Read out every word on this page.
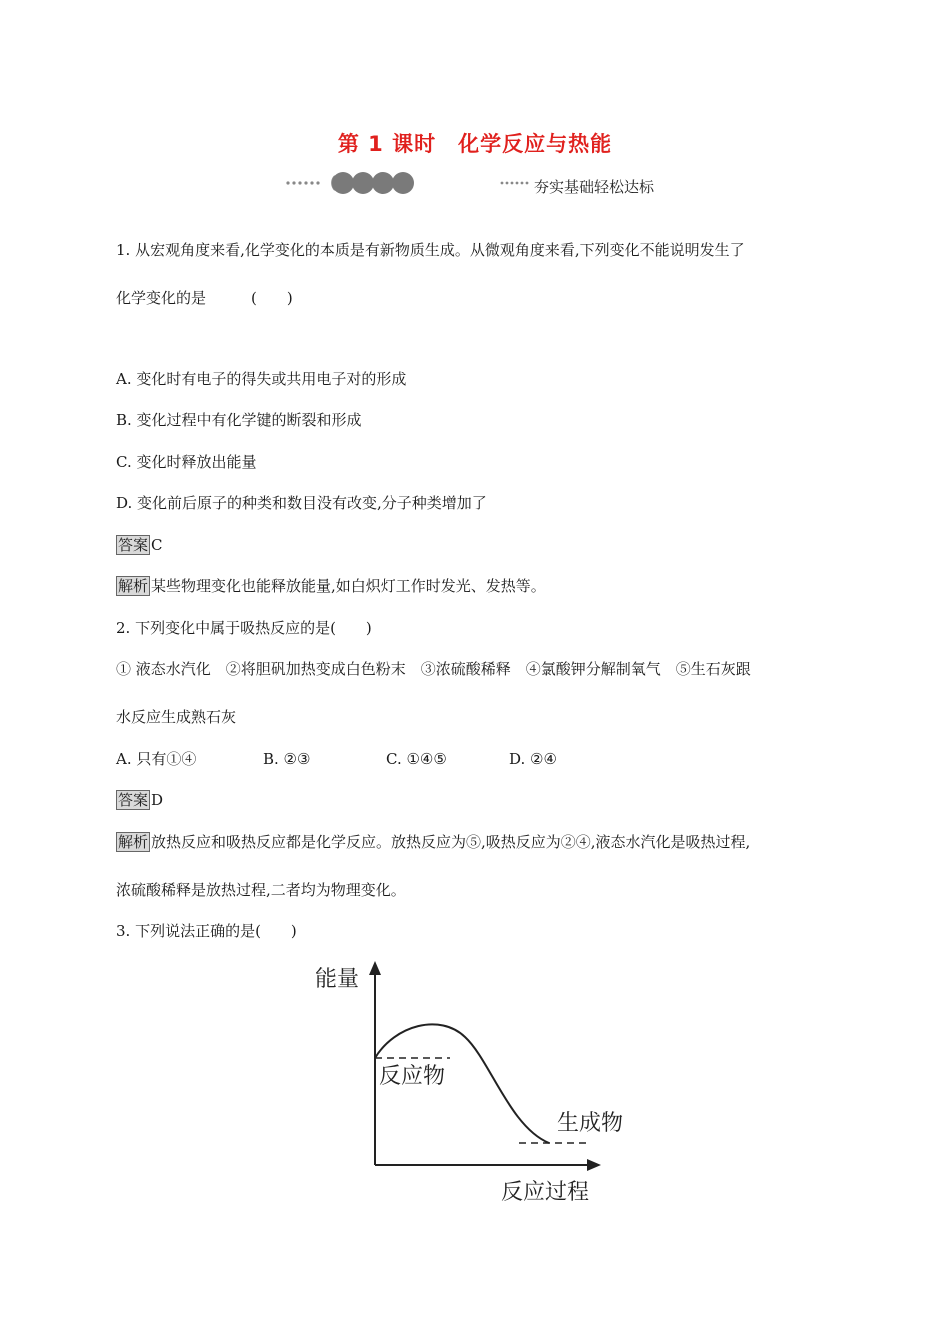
第 1 课时　化学反应与热能
夯实基础轻松达标
1. 从宏观角度来看,化学变化的本质是有新物质生成。从微观角度来看,下列变化不能说明发生了
化学变化的是　　　(　　)
A. 变化时有电子的得失或共用电子对的形成
B. 变化过程中有化学键的断裂和形成
C. 变化时释放出能量
D. 变化前后原子的种类和数目没有改变,分子种类增加了
答案 C
解析 某些物理变化也能释放能量,如白炽灯工作时发光、发热等。
2. 下列变化中属于吸热反应的是(　　)
① 液态水汽化　②将胆矾加热变成白色粉末　③浓硫酸稀释　④氯酸钾分解制氧气　⑤生石灰跟
水反应生成熟石灰
A. 只有①④	B. ②③	C. ①④⑤	D. ②④
答案 D
解析 放热反应和吸热反应都是化学反应。放热反应为⑤,吸热反应为②④,液态水汽化是吸热过程,
浓硫酸稀释是放热过程,二者均为物理变化。
3. 下列说法正确的是(　　)
能量
反应物
生成物
反应过程
